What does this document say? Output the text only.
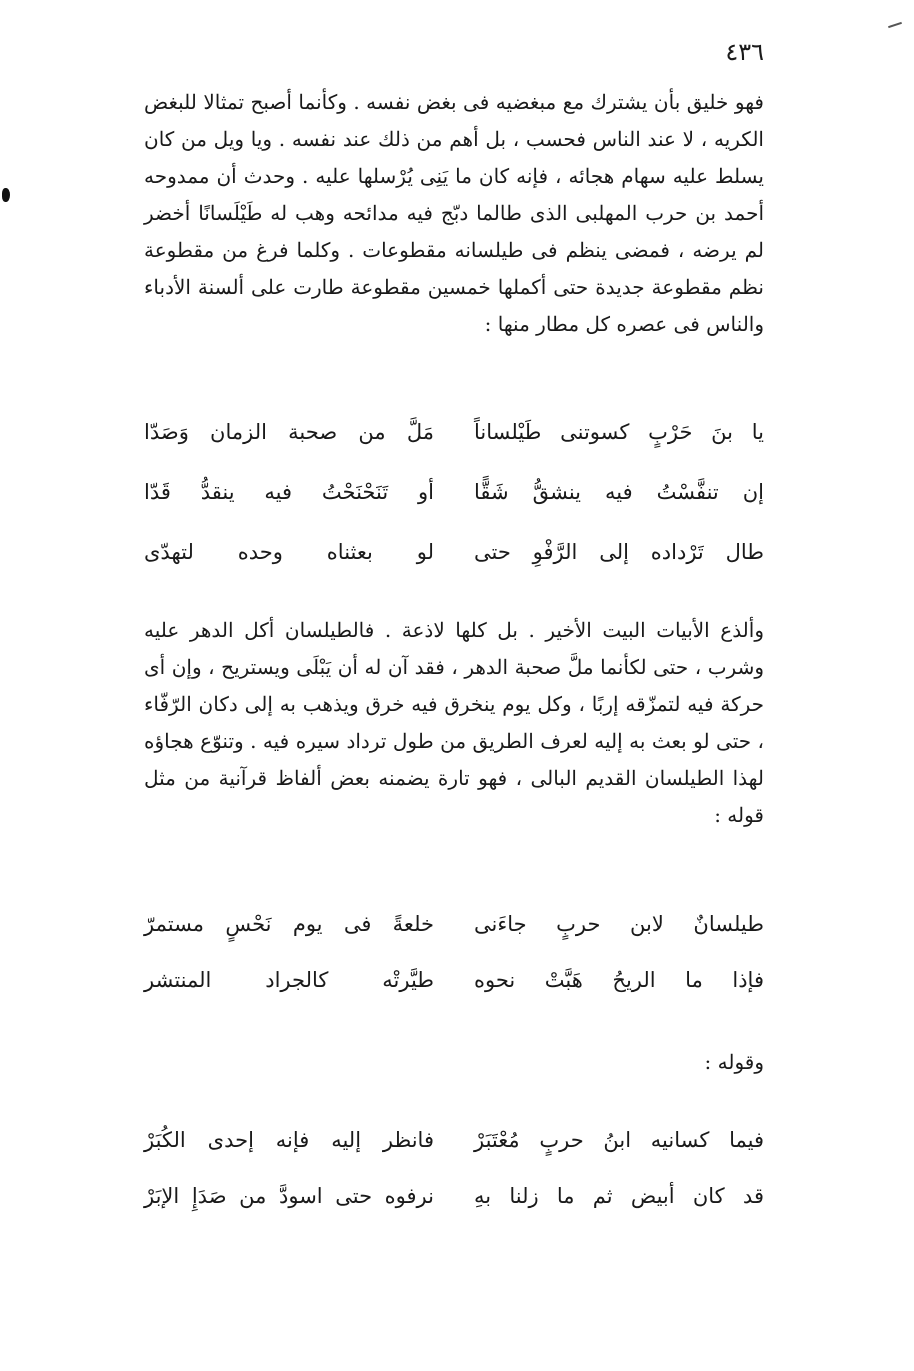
٤٣٦
فهو خليق بأن يشترك مع مبغضيه فى بغض نفسه . وكأنما أصبح تمثالا للبغض الكريه ، لا عند الناس فحسب ، بل أهم من ذلك عند نفسه . ويا ويل من كان يسلط عليه سهام هجائه ، فإنه كان ما يَنِى يُرْسلها عليه . وحدث أن ممدوحه أحمد بن حرب المهلبى الذى طالما دبّج فيه مدائحه وهب له طَيْلَسانًا أخضر لم يرضه ، فمضى ينظم فى طيلسانه مقطوعات . وكلما فرغ من مقطوعة نظم مقطوعة جديدة حتى أكملها خمسين مقطوعة طارت على ألسنة الأدباء والناس فى عصره كل مطار منها :
يا بنَ حَرْبٍ كسوتنى طَيْلساناً
مَلَّ من صحبة الزمان وَصَدّا
إن تنفَّسْتُ فيه ينشقُّ شَقًّا
أو تَنَحْنَحْتُ فيه ينقدُّ قَدّا
طال تَرْداده إلى الرَّفْوِ حتى
لو بعثناه وحده لتهدّى
وألذع الأبيات البيت الأخير . بل كلها لاذعة . فالطيلسان أكل الدهر عليه وشرب ، حتى لكأنما ملَّ صحبة الدهر ، فقد آن له أن يَبْلَى ويستريح ، وإن أى حركة فيه لتمزّقه إربًا ، وكل يوم ينخرق فيه خرق ويذهب به إلى دكان الرّفّاء ، حتى لو بعث به إليه لعرف الطريق من طول ترداد سيره فيه . وتنوّع هجاؤه لهذا الطيلسان القديم البالى ، فهو تارة يضمنه بعض ألفاظ قرآنية من مثل قوله :
طيلسانٌ لابن حربٍ جاءَنى
خلعةً فى يوم نَحْسٍ مستمرّ
فإذا ما الريحُ هَبَّتْ نحوه
طيَّرتْه كالجراد المنتشر
وقوله :
فيما كسانيه ابنُ حربٍ مُعْتَبَرْ
فانظر إليه فإنه إحدى الكُبَرْ
قد كان أبيض ثم ما زلنا بهِ
نرفوه حتى اسودَّ من صَدَإِ الإبَرْ
